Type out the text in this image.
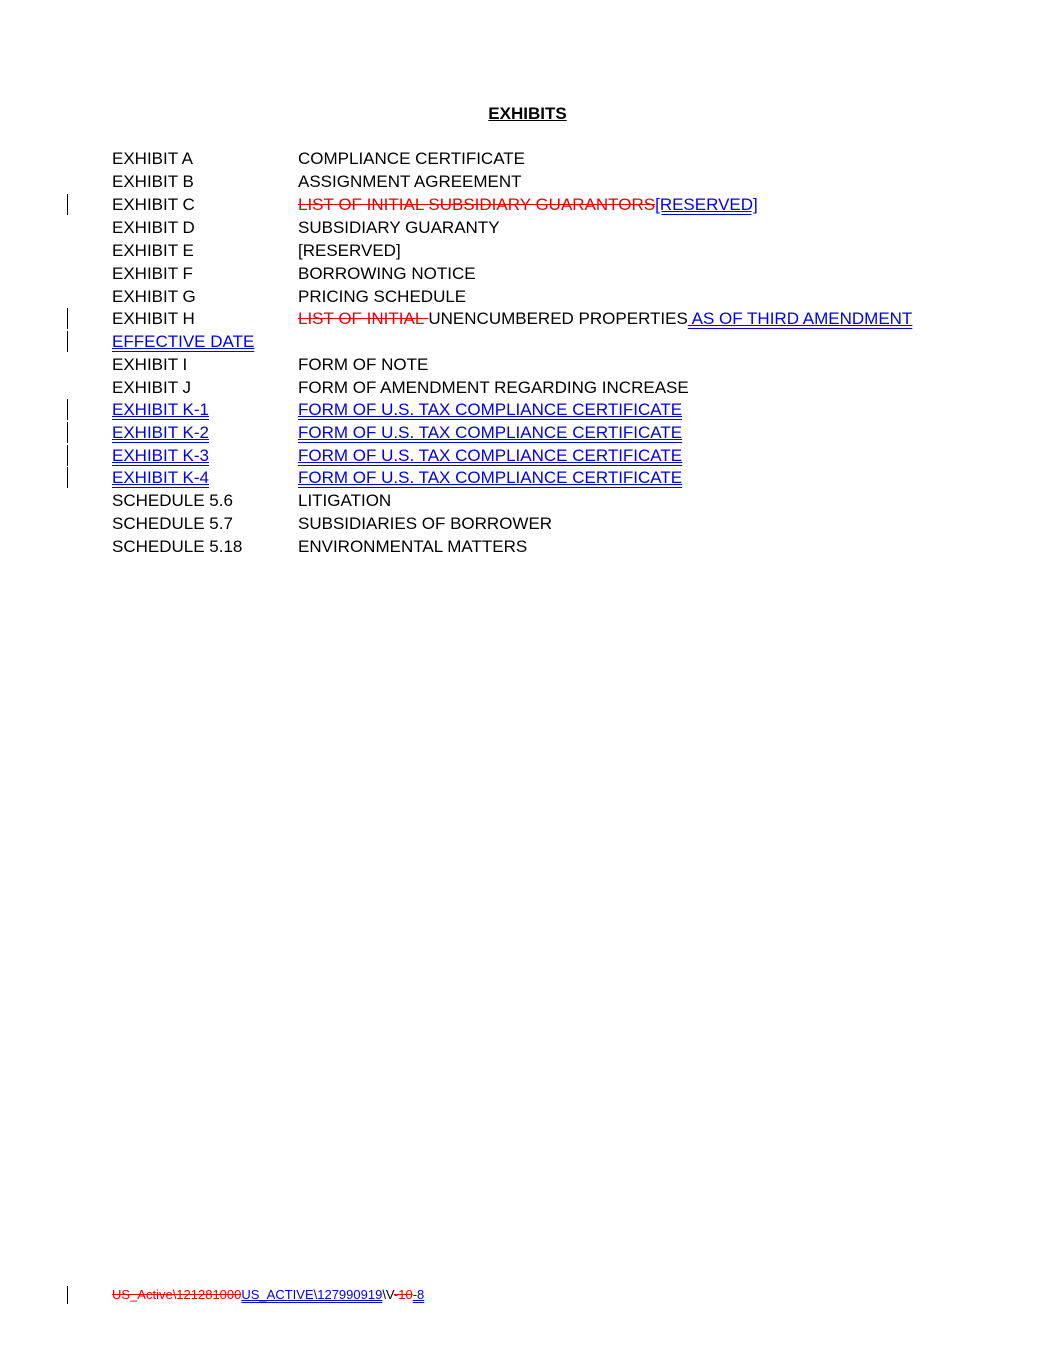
EXHIBITS
EXHIBIT A	COMPLIANCE CERTIFICATE
EXHIBIT B	ASSIGNMENT AGREEMENT
EXHIBIT C	LIST OF INITIAL SUBSIDIARY GUARANTORS[RESERVED]
EXHIBIT D	SUBSIDIARY GUARANTY
EXHIBIT E	[RESERVED]
EXHIBIT F	BORROWING NOTICE
EXHIBIT G	PRICING SCHEDULE
EXHIBIT H	LIST OF INITIAL UNENCUMBERED PROPERTIES AS OF THIRD AMENDMENT
EFFECTIVE DATE
EXHIBIT I	FORM OF NOTE
EXHIBIT J	FORM OF AMENDMENT REGARDING INCREASE
EXHIBIT K-1	FORM OF U.S. TAX COMPLIANCE CERTIFICATE
EXHIBIT K-2	FORM OF U.S. TAX COMPLIANCE CERTIFICATE
EXHIBIT K-3	FORM OF U.S. TAX COMPLIANCE CERTIFICATE
EXHIBIT K-4	FORM OF U.S. TAX COMPLIANCE CERTIFICATE
SCHEDULE 5.6	LITIGATION
SCHEDULE 5.7	SUBSIDIARIES OF BORROWER
SCHEDULE 5.18	ENVIRONMENTAL MATTERS
US_Active\121281000US_ACTIVE\127990919\V-10-8
